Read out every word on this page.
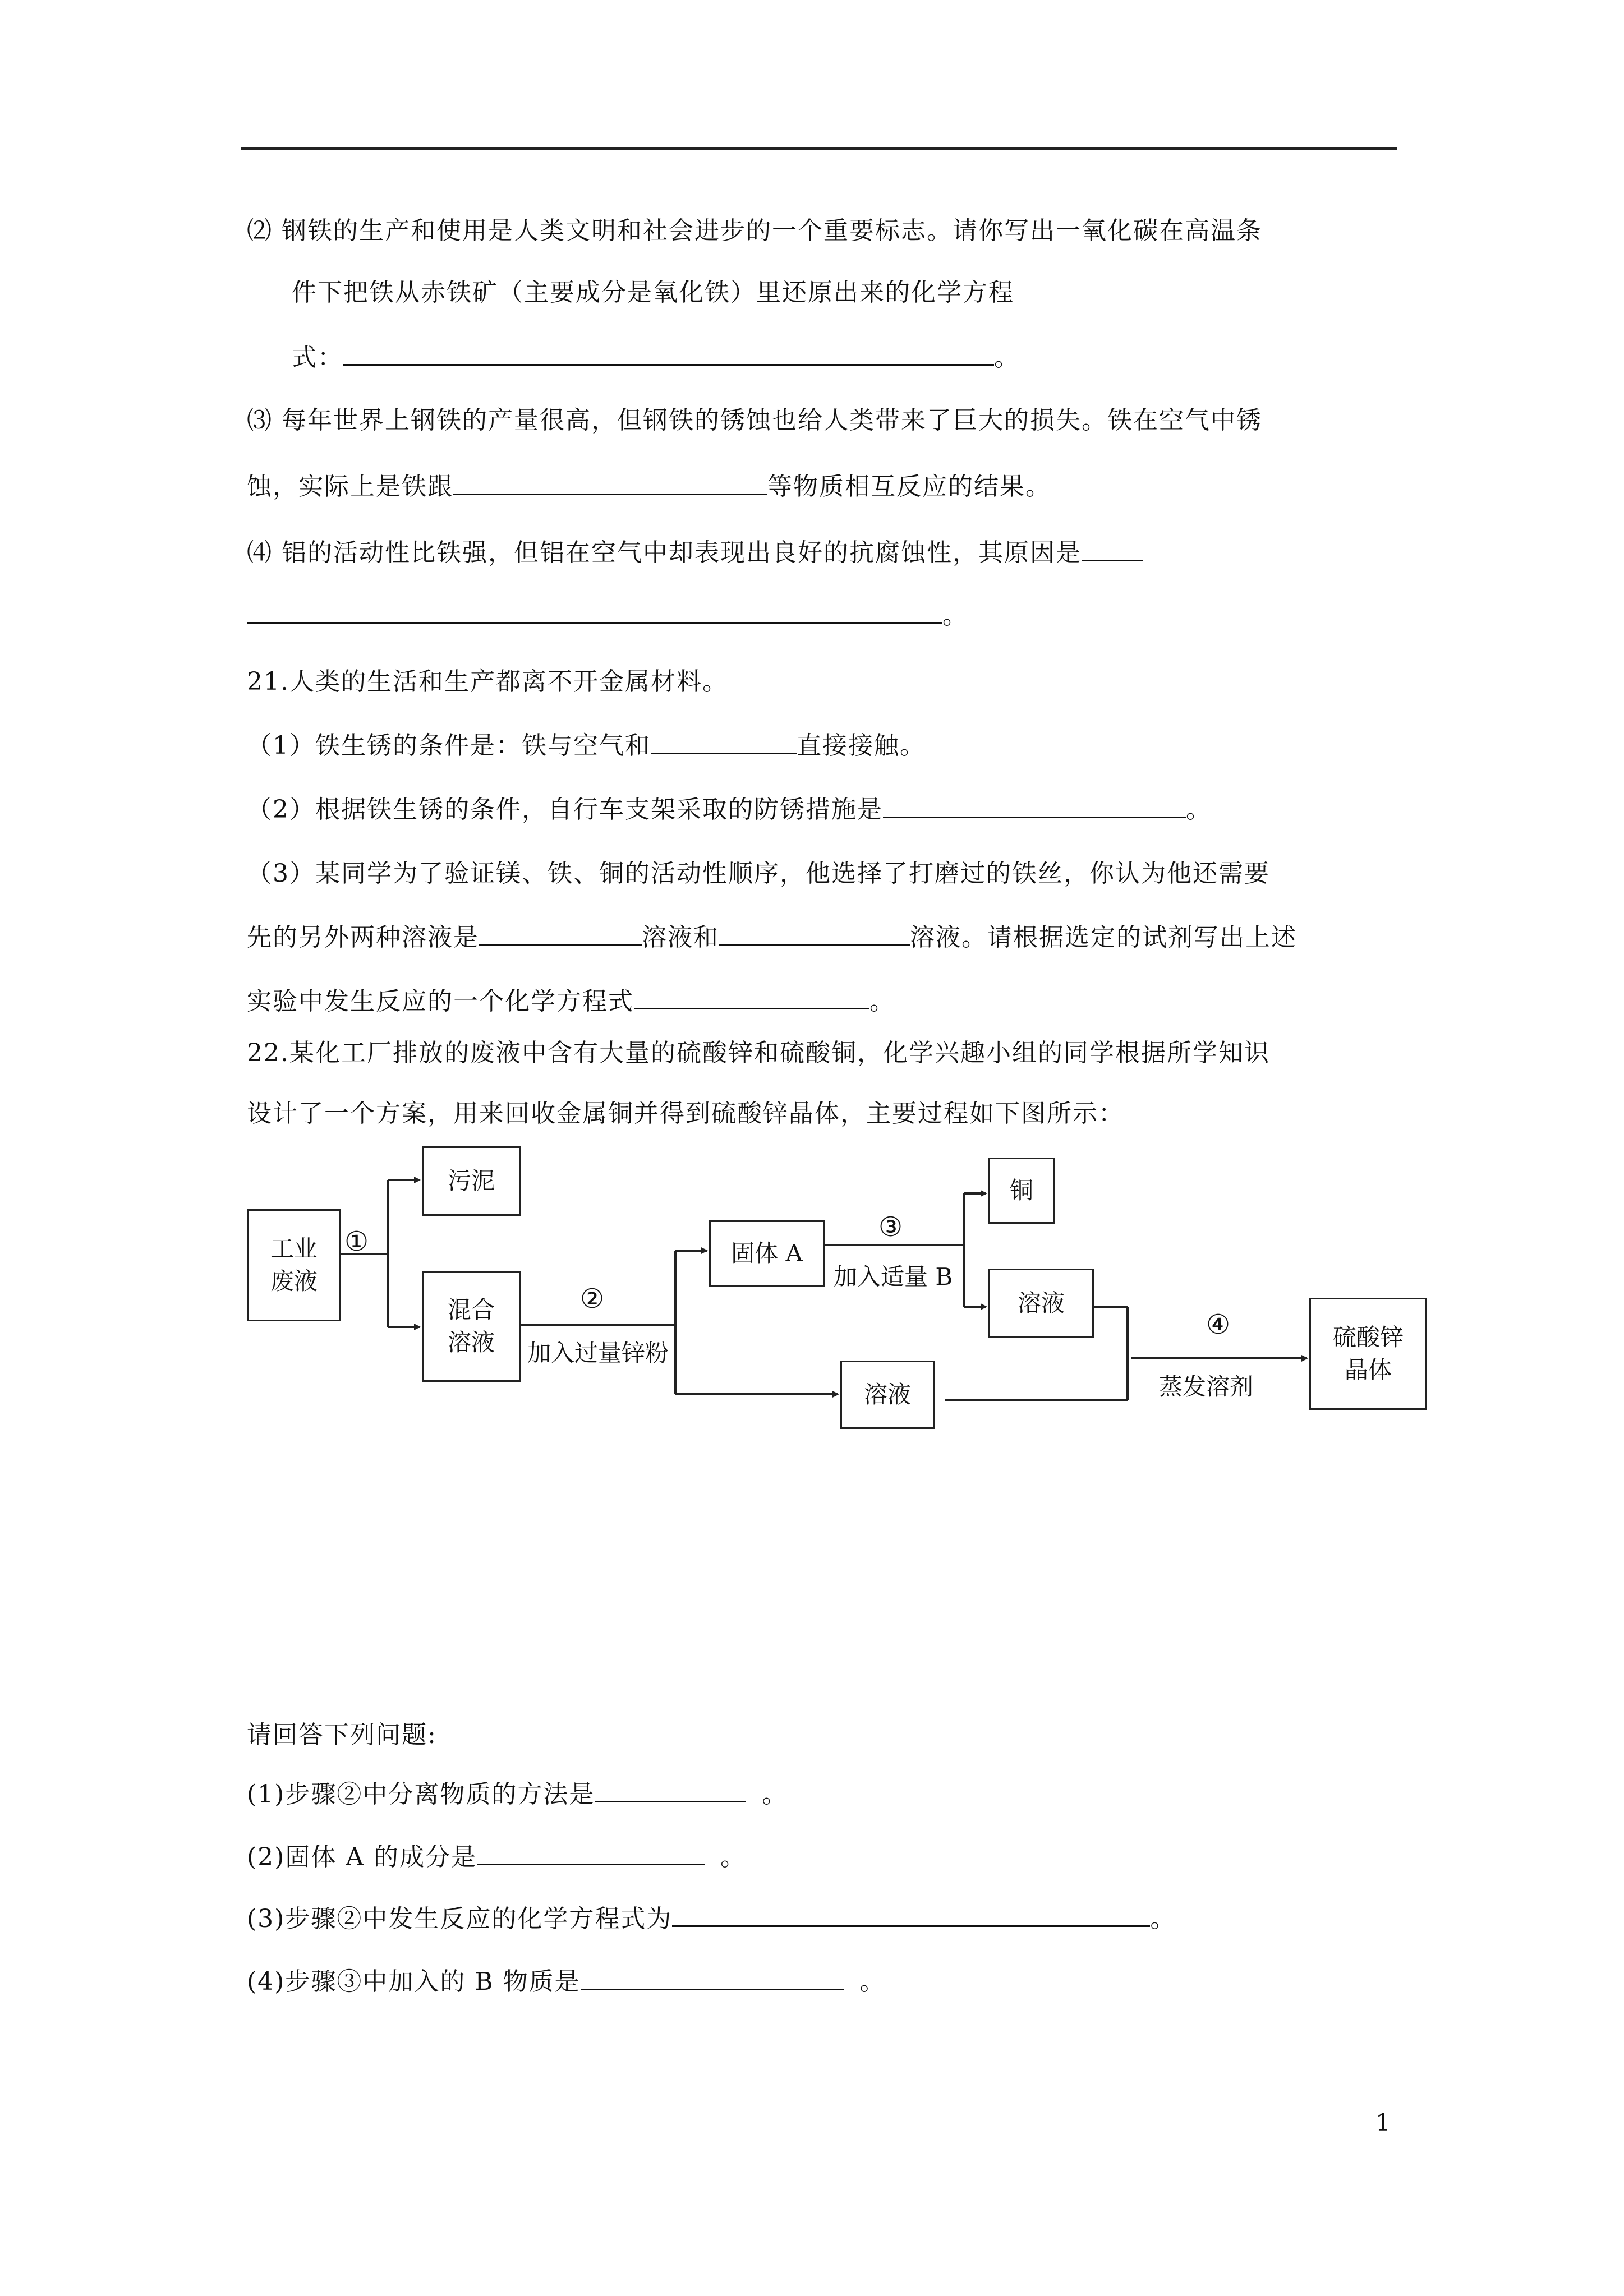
⑵ 钢铁的生产和使用是人类文明和社会进步的一个重要标志。请你写出一氧化碳在高温条
件下把铁从赤铁矿（主要成分是氧化铁）里还原出来的化学方程
式：	。
⑶ 每年世界上钢铁的产量很高，但钢铁的锈蚀也给人类带来了巨大的损失。铁在空气中锈
蚀，实际上是铁跟	等物质相互反应的结果。
⑷ 铝的活动性比铁强，但铝在空气中却表现出良好的抗腐蚀性，其原因是
。
21.人类的生活和生产都离不开金属材料。
（1）铁生锈的条件是：铁与空气和	直接接触。
（2）根据铁生锈的条件，自行车支架采取的防锈措施是	。
（3）某同学为了验证镁、铁、铜的活动性顺序，他选择了打磨过的铁丝，你认为他还需要
先的另外两种溶液是	溶液和	溶液。请根据选定的试剂写出上述
实验中发生反应的一个化学方程式	。
22.某化工厂排放的废液中含有大量的硫酸锌和硫酸铜，化学兴趣小组的同学根据所学知识
设计了一个方案，用来回收金属铜并得到硫酸锌晶体，主要过程如下图所示：
工业
废液
①
污泥
混合
溶液
②
加入过量锌粉
固体 A
③
加入适量 B
铜
溶液
溶液
④
蒸发溶剂
硫酸锌
晶体
请回答下列问题:
(1)步骤②中分离物质的方法是	。
(2)固体 A 的成分是	。
(3)步骤②中发生反应的化学方程式为	。
(4)步骤③中加入的 B 物质是	。
1
